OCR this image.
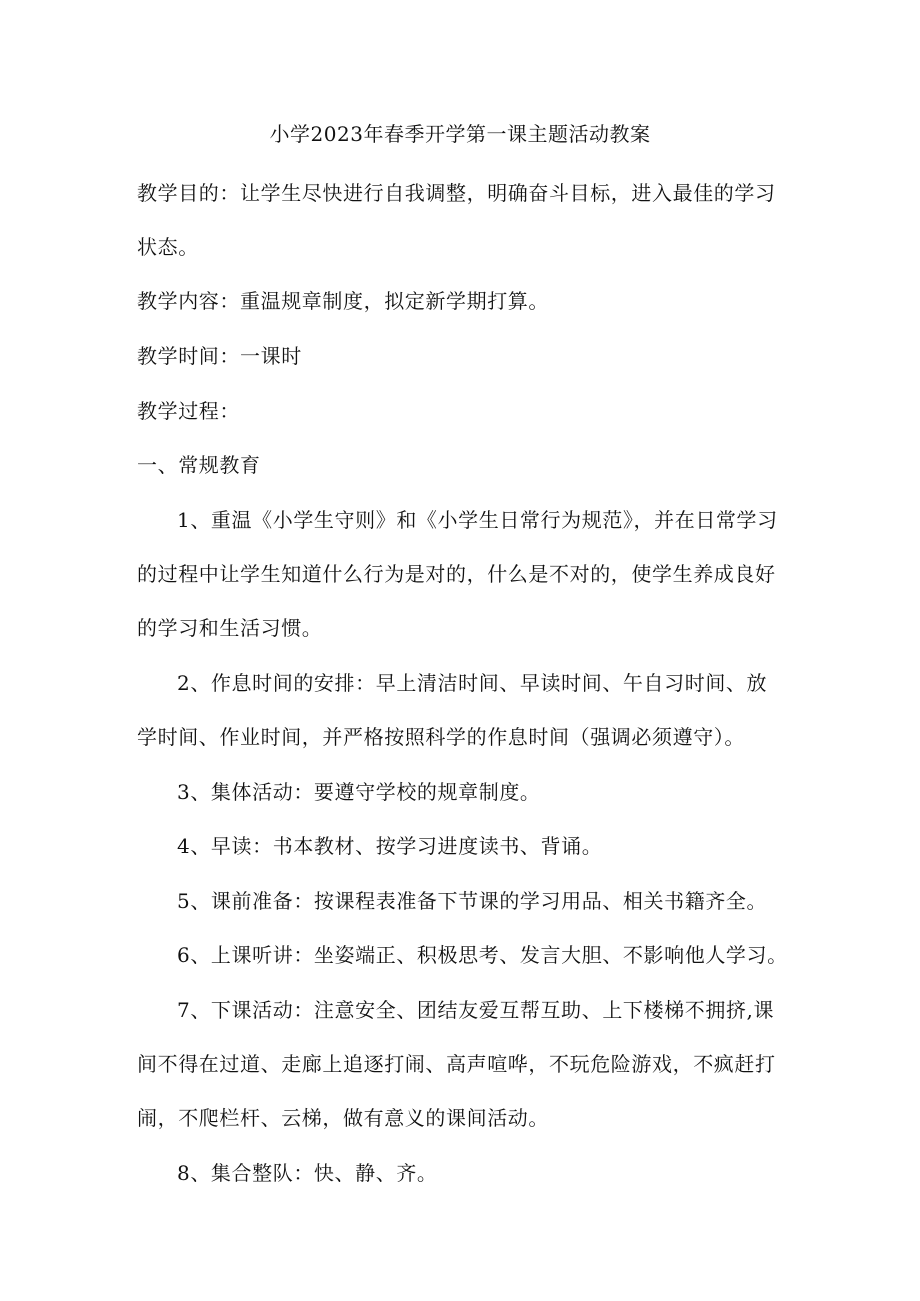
小学2023年春季开学第一课主题活动教案

教学目的：让学生尽快进行自我调整，明确奋斗目标，进入最佳的学习状态。

教学内容：重温规章制度，拟定新学期打算。

教学时间：一课时

教学过程：

一、常规教育

1、重温《小学生守则》和《小学生日常行为规范》，并在日常学习的过程中让学生知道什么行为是对的，什么是不对的，使学生养成良好的学习和生活习惯。

2、作息时间的安排：早上清洁时间、早读时间、午自习时间、放学时间、作业时间，并严格按照科学的作息时间（强调必须遵守）。

3、集体活动：要遵守学校的规章制度。

4、早读：书本教材、按学习进度读书、背诵。

5、课前准备：按课程表准备下节课的学习用品、相关书籍齐全。

6、上课听讲：坐姿端正、积极思考、发言大胆、不影响他人学习。

7、下课活动：注意安全、团结友爱互帮互助、上下楼梯不拥挤,课间不得在过道、走廊上追逐打闹、高声喧哗，不玩危险游戏，不疯赶打闹，不爬栏杆、云梯，做有意义的课间活动。

8、集合整队：快、静、齐。
